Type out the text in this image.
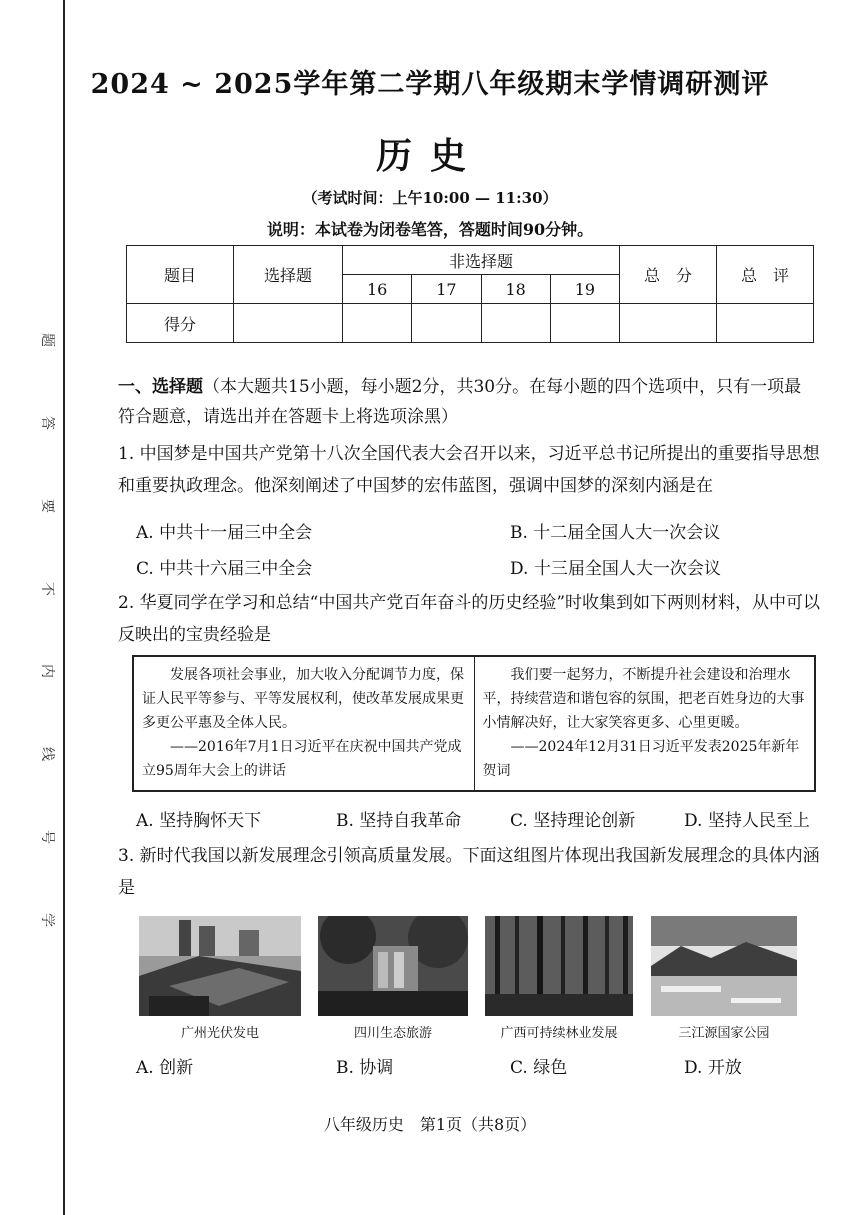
学
号
线
内
不
要
答
题
2024 ~ 2025学年第二学期八年级期末学情调研测评
历史
（考试时间：上午10:00 — 11:30）
说明：本试卷为闭卷笔答，答题时间90分钟。
题目	选择题	非选择题				总　分	总　评
		16	17	18	19		
得分							
一、选择题（本大题共15小题，每小题2分，共30分。在每小题的四个选项中，只有一项最符合题意，请选出并在答题卡上将选项涂黑）
1. 中国梦是中国共产党第十八次全国代表大会召开以来，习近平总书记所提出的重要指导思想和重要执政理念。他深刻阐述了中国梦的宏伟蓝图，强调中国梦的深刻内涵是在
A. 中共十一届三中全会	B. 十二届全国人大一次会议
C. 中共十六届三中全会	D. 十三届全国人大一次会议
2. 华夏同学在学习和总结“中国共产党百年奋斗的历史经验”时收集到如下两则材料，从中可以反映出的宝贵经验是
发展各项社会事业，加大收入分配调节力度，保证人民平等参与、平等发展权利，使改革发展成果更多更公平惠及全体人民。
——2016年7月1日习近平在庆祝中国共产党成立95周年大会上的讲话
我们要一起努力，不断提升社会建设和治理水平，持续营造和谐包容的氛围，把老百姓身边的大事小情解决好，让大家笑容更多、心里更暖。
——2024年12月31日习近平发表2025年新年贺词
A. 坚持胸怀天下	B. 坚持自我革命	C. 坚持理论创新	D. 坚持人民至上
3. 新时代我国以新发展理念引领高质量发展。下面这组图片体现出我国新发展理念的具体内涵是
广州光伏发电	四川生态旅游	广西可持续林业发展	三江源国家公园
A. 创新	B. 协调	C. 绿色	D. 开放
八年级历史　第1页（共8页）
